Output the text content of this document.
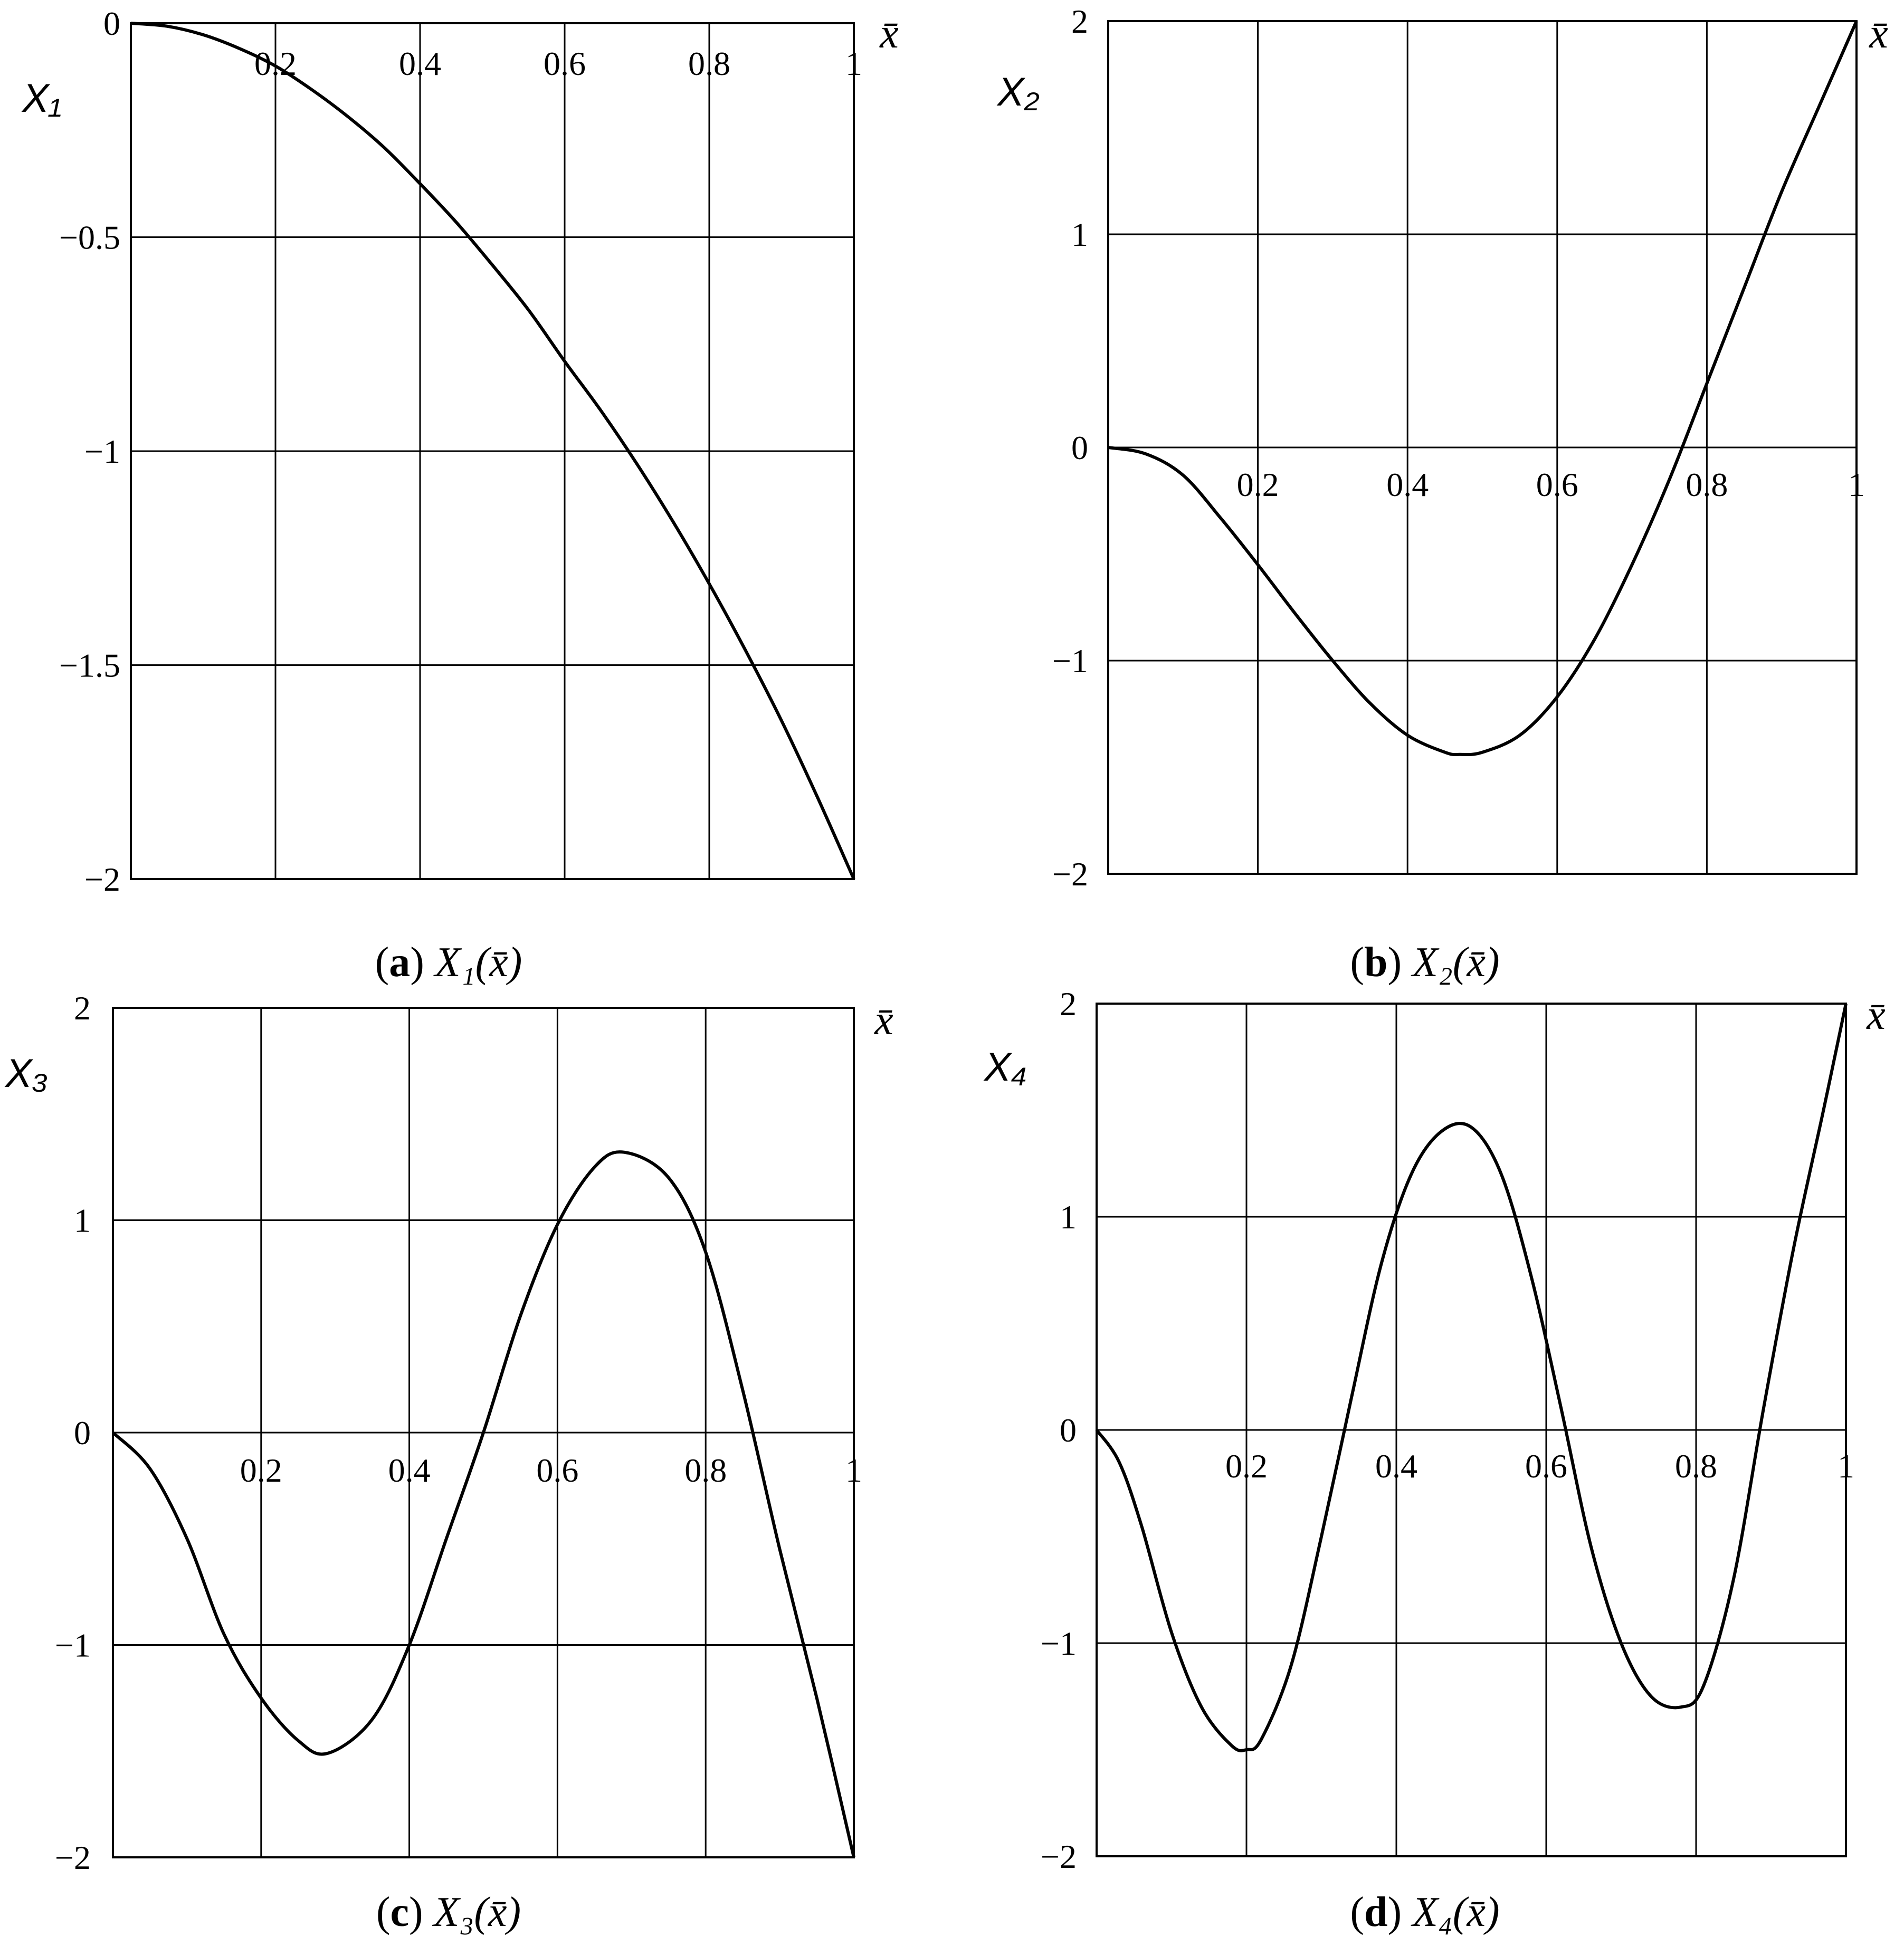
0.2	0.4	0.6	0.8	1
0
−0.5
−1
−1.5
−2
X₁
x̄
(a) X₁(x̄)
0.2	0.4	0.6	0.8	1
2
1
0
−1
−2
X₂
x̄
(b) X₂(x̄)
0.2	0.4	0.6	0.8	1
2
1
0
−1
−2
X₃
x̄
(c) X₃(x̄)
0.2	0.4	0.6	0.8	1
2
1
0
−1
−2
X₄
x̄
(d) X₄(x̄)
